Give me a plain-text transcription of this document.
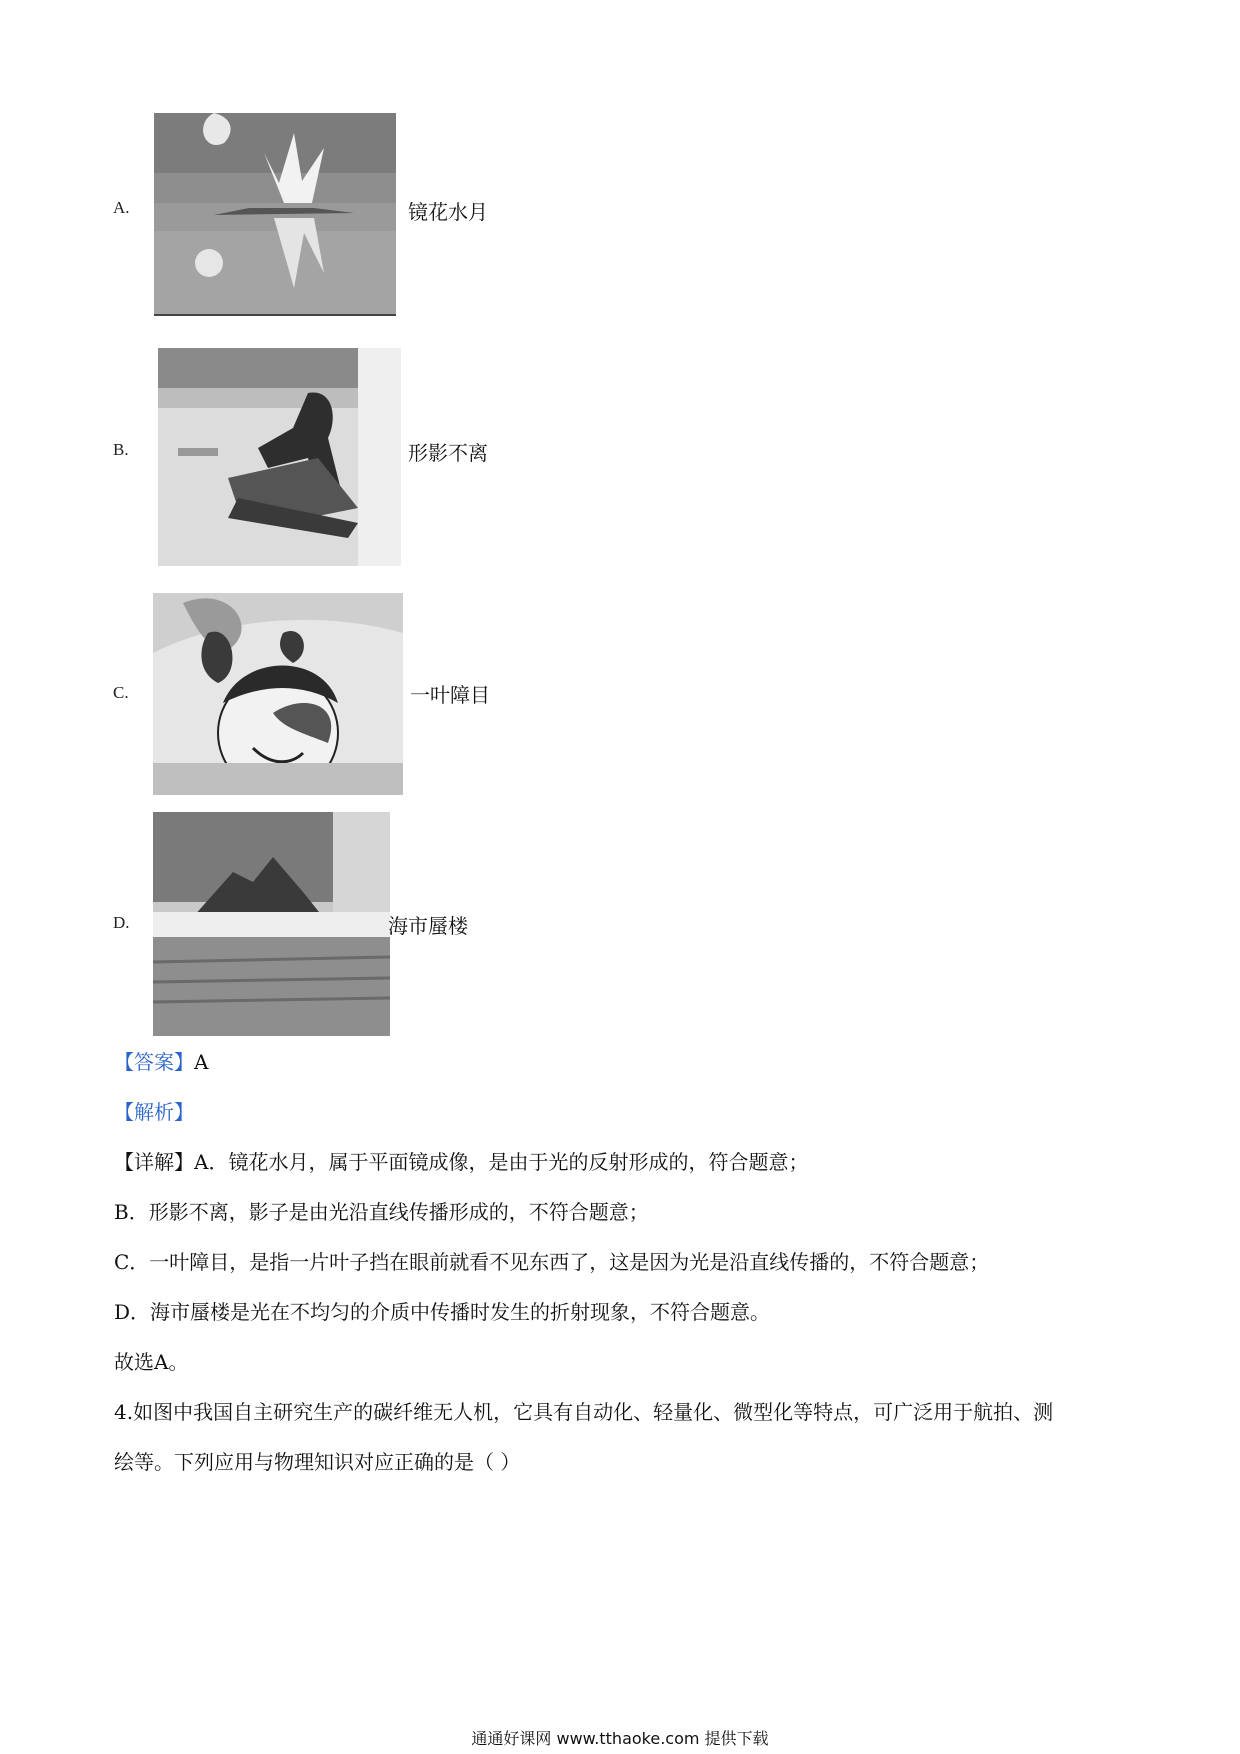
A.	镜花水月
B.	形影不离
C.	一叶障目
D.	海市蜃楼
【答案】A
【解析】
【详解】A．镜花水月，属于平面镜成像，是由于光的反射形成的，符合题意；
B．形影不离，影子是由光沿直线传播形成的，不符合题意；
C．一叶障目，是指一片叶子挡在眼前就看不见东西了，这是因为光是沿直线传播的，不符合题意；
D．海市蜃楼是光在不均匀的介质中传播时发生的折射现象，不符合题意。
故选A。
4.如图中我国自主研究生产的碳纤维无人机，它具有自动化、轻量化、微型化等特点，可广泛用于航拍、测
绘等。下列应用与物理知识对应正确的是（ ）
通通好课网 www.tthaoke.com 提供下载
